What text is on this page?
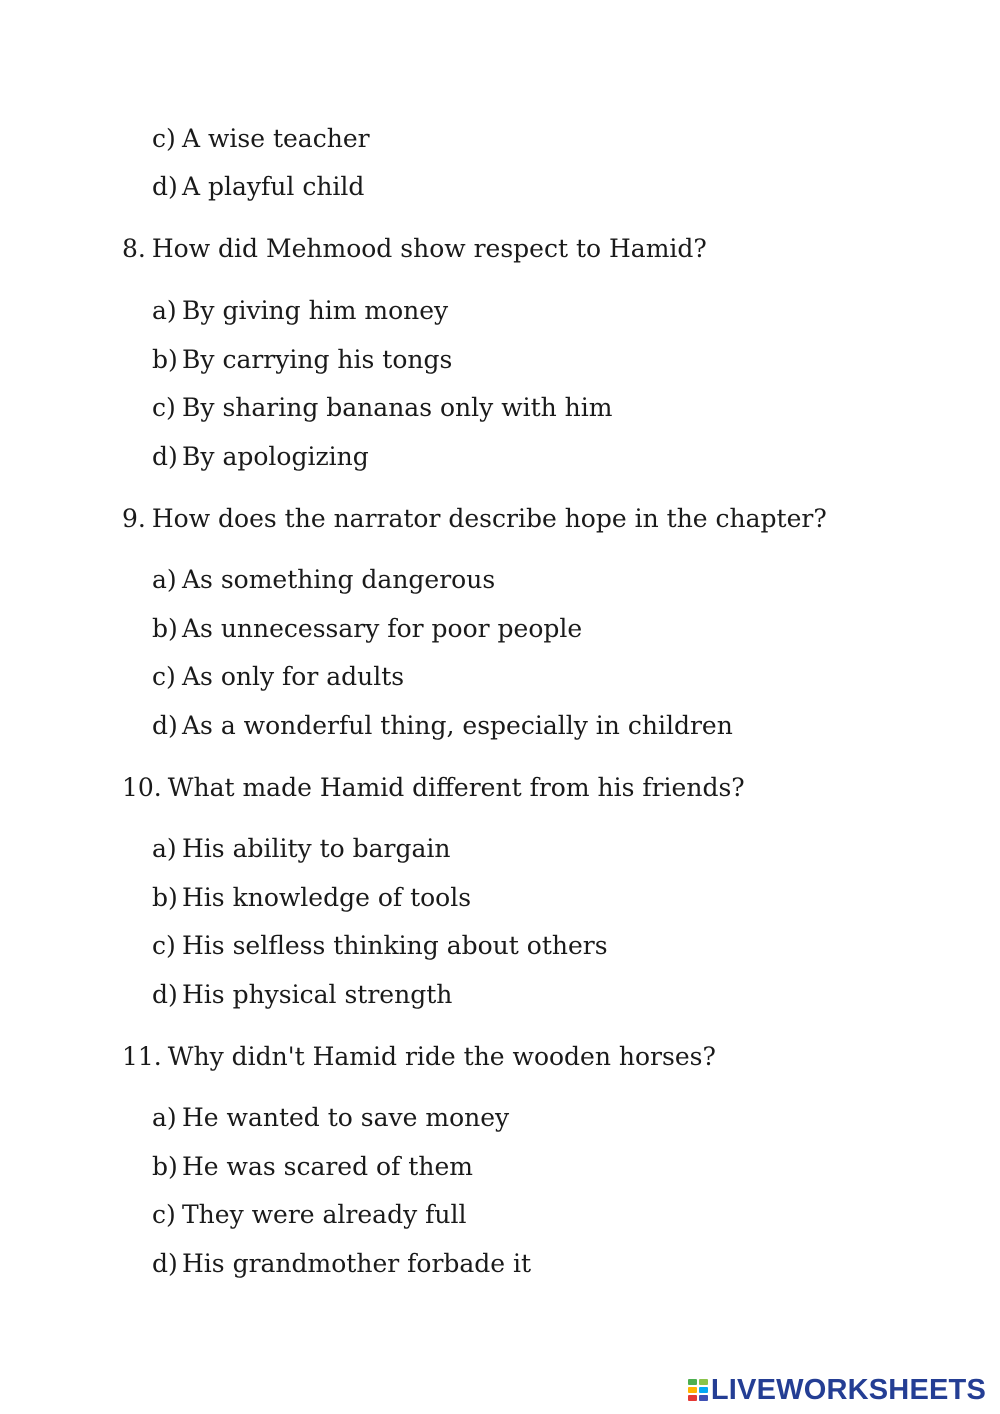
c) A wise teacher
d) A playful child
8. How did Mehmood show respect to Hamid?
a) By giving him money
b) By carrying his tongs
c) By sharing bananas only with him
d) By apologizing
9. How does the narrator describe hope in the chapter?
a) As something dangerous
b) As unnecessary for poor people
c) As only for adults
d) As a wonderful thing, especially in children
10. What made Hamid different from his friends?
a) His ability to bargain
b) His knowledge of tools
c) His selfless thinking about others
d) His physical strength
11. Why didn't Hamid ride the wooden horses?
a) He wanted to save money
b) He was scared of them
c) They were already full
d) His grandmother forbade it
LIVEWORKSHEETS
